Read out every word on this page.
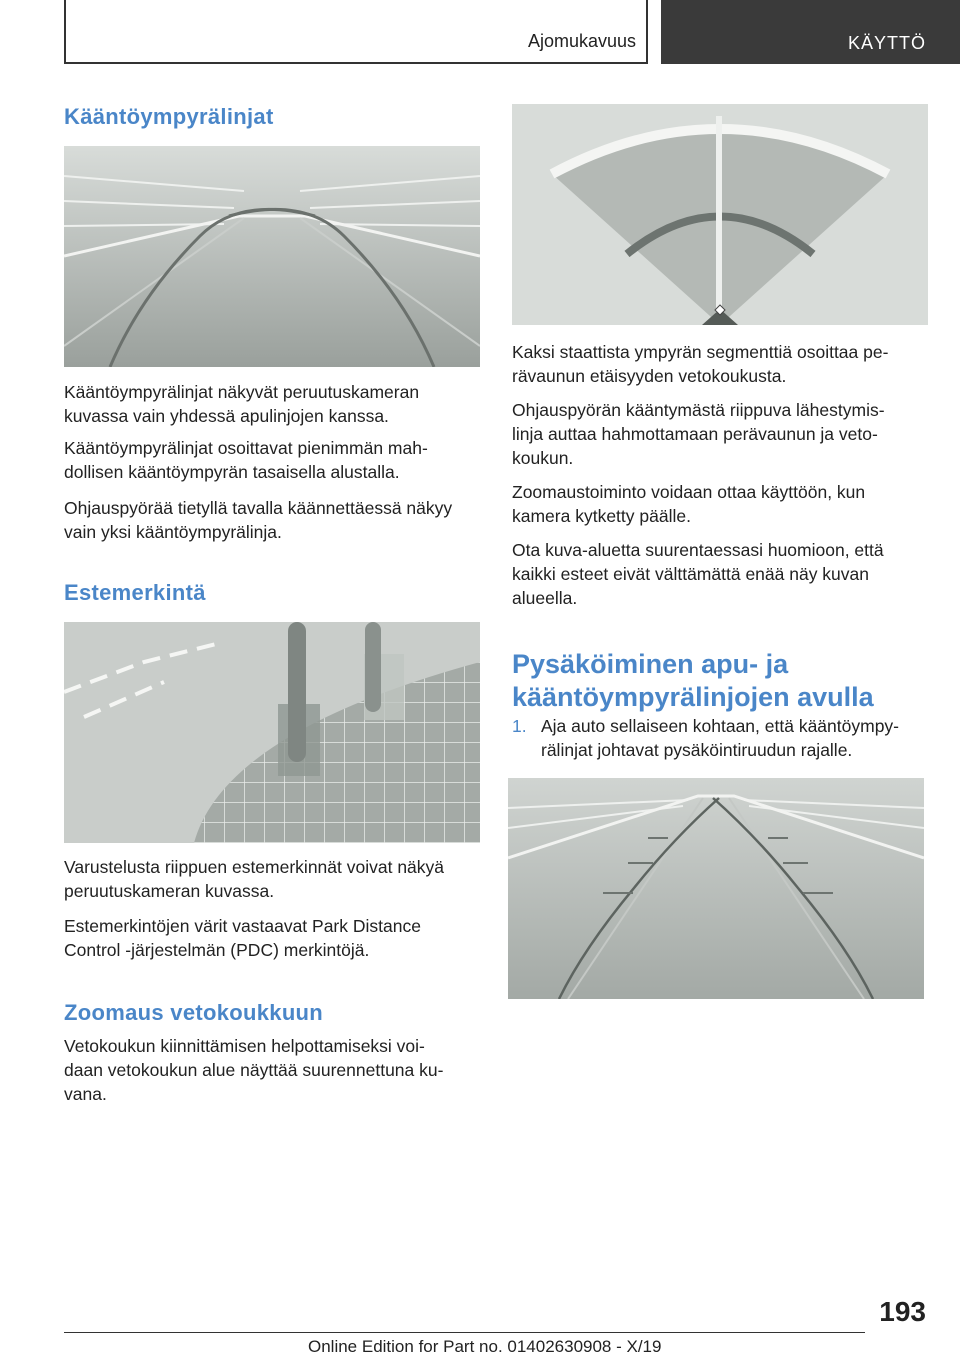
Ajomukavuus	KÄYTTÖ
Kääntöympyrälinjat
Kääntöympyrälinjat näkyvät peruutuskameran
kuvassa vain yhdessä apulinjojen kanssa.
Kääntöympyrälinjat osoittavat pienimmän mah‐
dollisen kääntöympyrän tasaisella alustalla.
Ohjauspyörää tietyllä tavalla käännettäessä näkyy
vain yksi kääntöympyrälinja.
Estemerkintä
Varustelusta riippuen estemerkinnät voivat näkyä
peruutuskameran kuvassa.
Estemerkintöjen värit vastaavat Park Distance
Control ‑järjestelmän (PDC) merkintöjä.
Zoomaus vetokoukkuun
Vetokoukun kiinnittämisen helpottamiseksi voi‐
daan vetokoukun alue näyttää suurennettuna ku‐
vana.
Kaksi staattista ympyrän segmenttiä osoittaa pe‐
rävaunun etäisyyden vetokoukusta.
Ohjauspyörän kääntymästä riippuva lähestymis‐
linja auttaa hahmottamaan perävaunun ja veto‐
koukun.
Zoomaustoiminto voidaan ottaa käyttöön, kun
kamera kytketty päälle.
Ota kuva-aluetta suurentaessasi huomioon, että
kaikki esteet eivät välttämättä enää näy kuvan
alueella.
Pysäköiminen apu- ja
kääntöympyrälinjojen avulla
1. Aja auto sellaiseen kohtaan, että kääntöympy‐
rälinjat johtavat pysäköintiruudun rajalle.
193
Online Edition for Part no. 01402630908 - X/19
